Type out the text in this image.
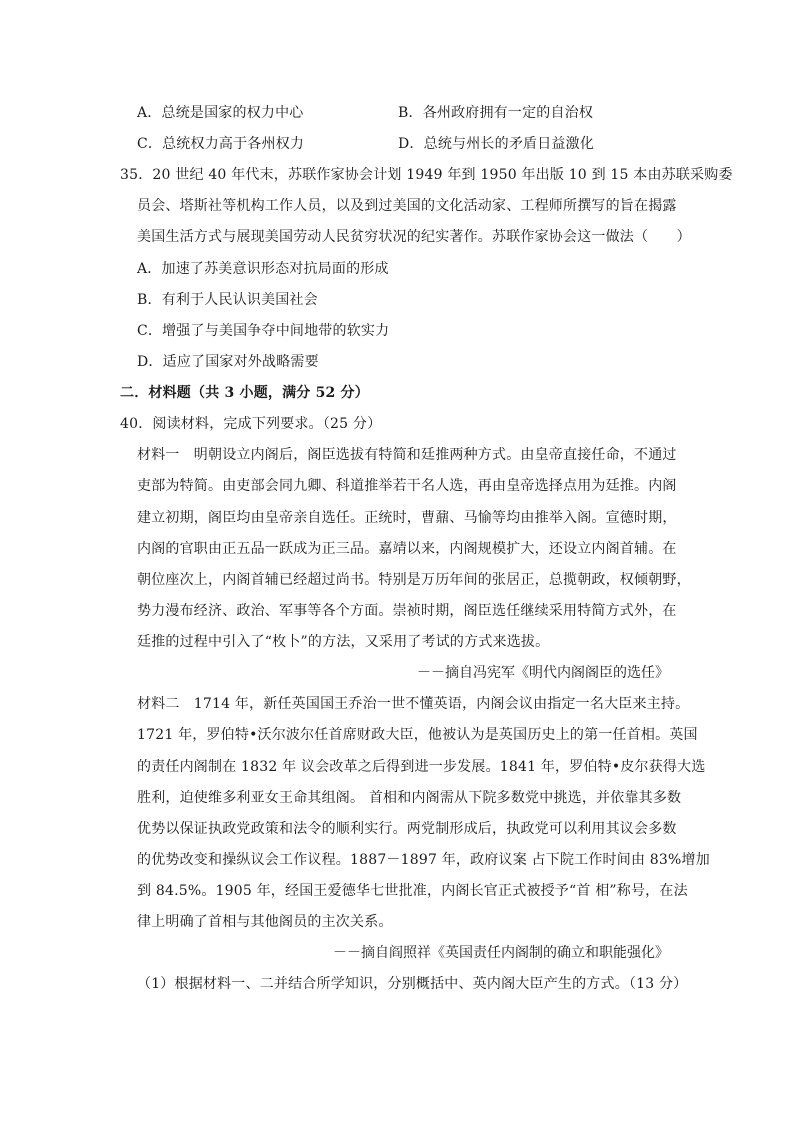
A．总统是国家的权力中心	B．各州政府拥有一定的自治权
C．总统权力高于各州权力	D．总统与州长的矛盾日益激化
35．20 世纪 40 年代末，苏联作家协会计划 1949 年到 1950 年出版 10 到 15 本由苏联采购委
员会、塔斯社等机构工作人员，以及到过美国的文化活动家、工程师所撰写的旨在揭露
美国生活方式与展现美国劳动人民贫穷状况的纪实著作。苏联作家协会这一做法（　　）
A．加速了苏美意识形态对抗局面的形成
B．有利于人民认识美国社会
C．增强了与美国争夺中间地带的软实力
D．适应了国家对外战略需要
二．材料题（共 3 小题，满分 52 分）
40．阅读材料，完成下列要求。（25 分）
材料一　明朝设立内阁后，阁臣选拔有特简和廷推两种方式。由皇帝直接任命，不通过
吏部为特简。由吏部会同九卿、科道推举若干名人选，再由皇帝选择点用为廷推。内阁
建立初期，阁臣均由皇帝亲自选任。正统时，曹鼐、马愉等均由推举入阁。宣德时期，
内阁的官职由正五品一跃成为正三品。嘉靖以来，内阁规模扩大，还设立内阁首辅。在
朝位座次上，内阁首辅已经超过尚书。特别是万历年间的张居正，总揽朝政，权倾朝野，
势力漫布经济、政治、军事等各个方面。崇祯时期，阁臣选任继续采用特简方式外，在
廷推的过程中引入了“枚卜”的方法，又采用了考试的方式来选拔。
－－摘自冯宪军《明代内阁阁臣的选任》
材料二　1714 年，新任英国国王乔治一世不懂英语，内阁会议由指定一名大臣来主持。
1721 年，罗伯特•沃尔波尔任首席财政大臣，他被认为是英国历史上的第一任首相。英国
的责任内阁制在 1832 年 议会改革之后得到进一步发展。1841 年，罗伯特•皮尔获得大选
胜利，迫使维多利亚女王命其组阁。 首相和内阁需从下院多数党中挑选，并依靠其多数
优势以保证执政党政策和法令的顺利实行。两党制形成后，执政党可以利用其议会多数
的优势改变和操纵议会工作议程。1887－1897 年，政府议案 占下院工作时间由 83%增加
到 84.5%。1905 年，经国王爱德华七世批准，内阁长官正式被授予“首 相”称号，在法
律上明确了首相与其他阁员的主次关系。
－－摘自阎照祥《英国责任内阁制的确立和职能强化》
（1）根据材料一、二并结合所学知识，分别概括中、英内阁大臣产生的方式。（13 分）
